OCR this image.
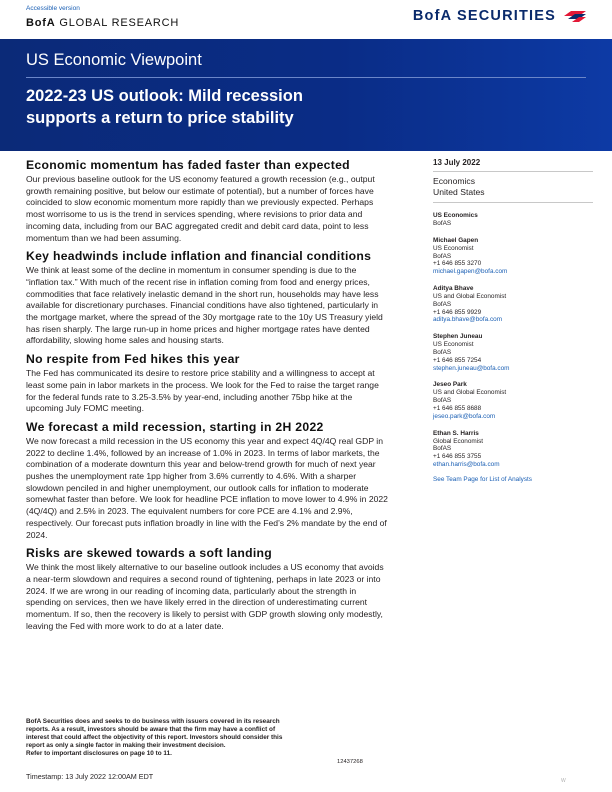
Accessible version
BofA GLOBAL RESEARCH	BofA SECURITIES
US Economic Viewpoint
2022-23 US outlook: Mild recession
supports a return to price stability
Economic momentum has faded faster than expected
Our previous baseline outlook for the US economy featured a growth recession (e.g., output growth remaining positive, but below our estimate of potential), but a number of forces have coincided to slow economic momentum more rapidly than we previously expected. Perhaps most worrisome to us is the trend in services spending, where revisions to prior data and incoming data, including from our BAC aggregated credit and debit card data, point to less momentum than we had been assuming.
Key headwinds include inflation and financial conditions
We think at least some of the decline in momentum in consumer spending is due to the “inflation tax.” With much of the recent rise in inflation coming from food and energy prices, commodities that face relatively inelastic demand in the short run, households may have less available for discretionary purchases. Financial conditions have also tightened, particularly in the mortgage market, where the spread of the 30y mortgage rate to the 10y US Treasury yield has risen sharply. The large run-up in home prices and higher mortgage rates have dented affordability, slowing home sales and housing starts.
No respite from Fed hikes this year
The Fed has communicated its desire to restore price stability and a willingness to accept at least some pain in labor markets in the process. We look for the Fed to raise the target range for the federal funds rate to 3.25-3.5% by year-end, including another 75bp hike at the upcoming July FOMC meeting.
We forecast a mild recession, starting in 2H 2022
We now forecast a mild recession in the US economy this year and expect 4Q/4Q real GDP in 2022 to decline 1.4%, followed by an increase of 1.0% in 2023. In terms of labor markets, the combination of a moderate downturn this year and below-trend growth for much of next year pushes the unemployment rate 1pp higher from 3.6% currently to 4.6%. With a sharper slowdown penciled in and higher unemployment, our outlook calls for inflation to moderate somewhat faster than before. We look for headline PCE inflation to move lower to 4.9% in 2022 (4Q/4Q) and 2.5% in 2023. The equivalent numbers for core PCE are 4.1% and 2.9%, respectively. Our forecast puts inflation broadly in line with the Fed’s 2% mandate by the end of 2024.
Risks are skewed towards a soft landing
We think the most likely alternative to our baseline outlook includes a US economy that avoids a near-term slowdown and requires a second round of tightening, perhaps in late 2023 or into 2024. If we are wrong in our reading of incoming data, particularly about the strength in spending on services, then we have likely erred in the direction of underestimating current momentum. If so, then the recovery is likely to persist with GDP growth slowing only modestly, leaving the Fed with more work to do at a later date.
13 July 2022
Economics
United States
US Economics
BofAS
Michael Gapen
US Economist
BofAS
+1 646 855 3270
michael.gapen@bofa.com
Aditya Bhave
US and Global Economist
BofAS
+1 646 855 9929
aditya.bhave@bofa.com
Stephen Juneau
US Economist
BofAS
+1 646 855 7254
stephen.juneau@bofa.com
Jeseo Park
US and Global Economist
BofAS
+1 646 855 8688
jeseo.park@bofa.com
Ethan S. Harris
Global Economist
BofAS
+1 646 855 3755
ethan.harris@bofa.com
See Team Page for List of Analysts
BofA Securities does and seeks to do business with issuers covered in its research
reports. As a result, investors should be aware that the firm may have a conflict of
interest that could affect the objectivity of this report. Investors should consider this
report as only a single factor in making their investment decision.
Refer to important disclosures on page 10 to 11.
12437268
Timestamp: 13 July 2022 12:00AM EDT	W
